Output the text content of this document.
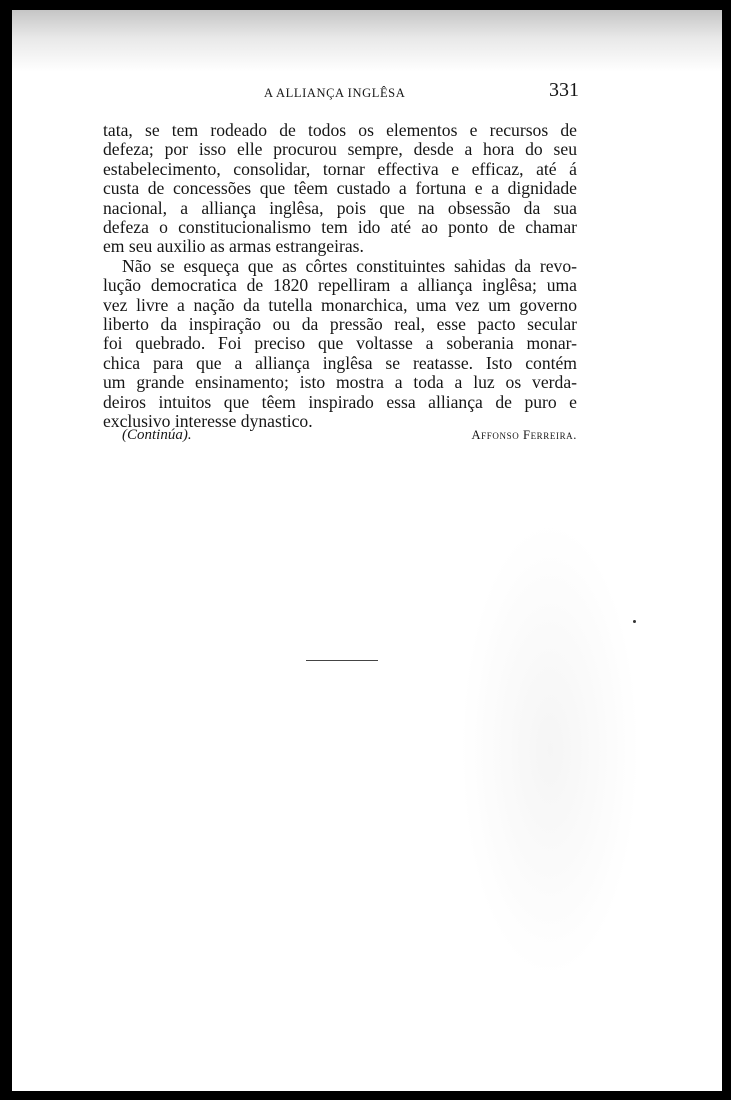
A ALLIANÇA INGLÊSA	331
tata, se tem rodeado de todos os elementos e recursos de
defeza; por isso elle procurou sempre, desde a hora do seu
estabelecimento, consolidar, tornar effectiva e efficaz, até á
custa de concessões que têem custado a fortuna e a dignidade
nacional, a alliança inglêsa, pois que na obsessão da sua
defeza o constitucionalismo tem ido até ao ponto de chamar
em seu auxilio as armas estrangeiras.
Não se esqueça que as côrtes constituintes sahidas da revo-
lução democratica de 1820 repelliram a alliança inglêsa; uma
vez livre a nação da tutella monarchica, uma vez um governo
liberto da inspiração ou da pressão real, esse pacto secular
foi quebrado. Foi preciso que voltasse a soberania monar-
chica para que a alliança inglêsa se reatasse. Isto contém
um grande ensinamento; isto mostra a toda a luz os verda-
deiros intuitos que têem inspirado essa alliança de puro e
exclusivo interesse dynastico.
(Continúa).	Affonso Ferreira.
